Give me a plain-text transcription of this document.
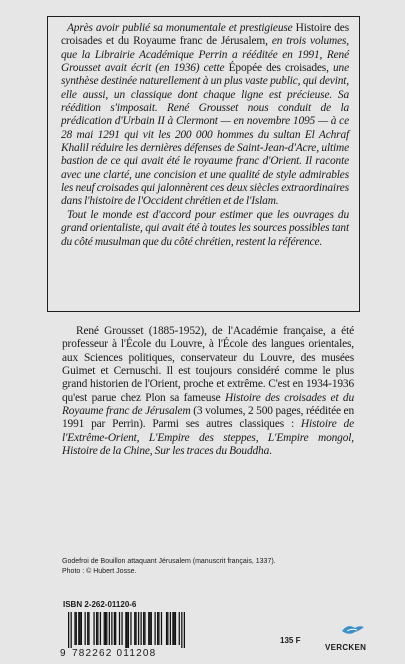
Après avoir publié sa monumentale et prestigieuse Histoire des croisades et du Royaume franc de Jérusalem, en trois volumes, que la Librairie Académique Perrin a rééditée en 1991, René Grousset avait écrit (en 1936) cette Épopée des croisades, une synthèse destinée naturellement à un plus vaste public, qui devint, elle aussi, un classique dont chaque ligne est précieuse. Sa réédition s'imposait. René Grousset nous conduit de la prédication d'Urbain II à Clermont — en novembre 1095 — à ce 28 mai 1291 qui vit les 200 000 hommes du sultan El Achraf Khalil réduire les dernières défenses de Saint-Jean-d'Acre, ultime bastion de ce qui avait été le royaume franc d'Orient. Il raconte avec une clarté, une concision et une qualité de style admirables les neuf croisades qui jalonnèrent ces deux siècles extraordinaires dans l'histoire de l'Occident chrétien et de l'Islam.

Tout le monde est d'accord pour estimer que les ouvrages du grand orientaliste, qui avait été à toutes les sources possibles tant du côté musulman que du côté chrétien, restent la référence.

René Grousset (1885-1952), de l'Académie française, a été professeur à l'École du Louvre, à l'École des langues orientales, aux Sciences politiques, conservateur du Louvre, des musées Guimet et Cernuschi. Il est toujours considéré comme le plus grand historien de l'Orient, proche et extrême. C'est en 1934-1936 qu'est parue chez Plon sa fameuse Histoire des croisades et du Royaume franc de Jérusalem (3 volumes, 2 500 pages, rééditée en 1991 par Perrin). Parmi ses autres classiques : Histoire de l'Extrême-Orient, L'Empire des steppes, L'Empire mongol, Histoire de la Chine, Sur les traces du Bouddha.

Godefroi de Bouillon attaquant Jérusalem (manuscrit français, 1337).
Photo : © Hubert Josse.
ISBN 2-262-01120-6
9 782262 011208
135 F
VERCKEN
